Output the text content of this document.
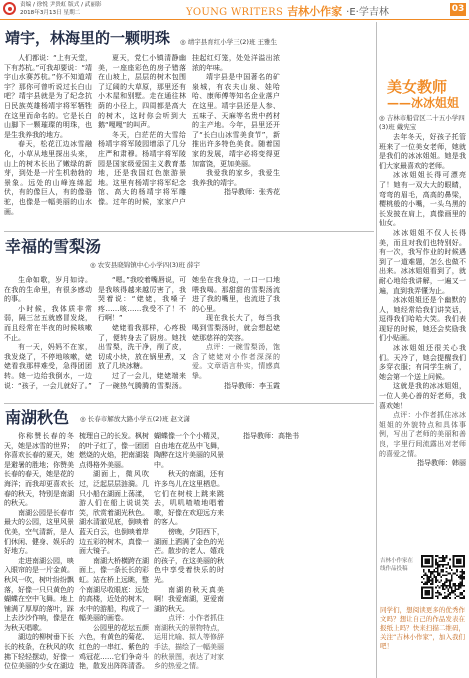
责编 / 徐悦 尹贵虹 版式 / 武丽影
2018年3月13日 星期二	YOUNG WRITERS 吉林小作家 ·E·学吉林	03
靖宇，林海里的一颗明珠 ◎ 靖宇县育红小学三(2)班 王雅生

人们都说：“上有天堂，下有苏杭。”可我却要说：“靖宇山水赛苏杭。”你不知道靖宇？那你可曾听说过长白山吧？靖宇县就是为了纪念抗日民族英雄杨靖宇将军牺牲在这里而命名的。它是长白山脚下一颗璀璨的明珠，也是生我养我的地方。

春天，松花江边冰雪融化，小草从地里探出头来，山上的树木长出了嫩绿的新芽，到处是一片生机勃勃的景象。远处的山峰连绵起伏，有的像巨人，有的像骆驼，也像是一幅美丽的山水画。

夏天，党仁小镇清静幽美，一座座彩色的房子错落在山坡上，层层的树木包围了辽阔的大草原，那里还有小木屋和别墅。走在通往林荫的小径上，四周都是高大的树木，这时你会听到大鹅“嘎嘎”的叫声。

冬天，白茫茫的大雪给杨靖宇将军陵园增添了几分庄严和肃穆。杨靖宇将军陵园是国家级爱国主义教育基地，还是我国红色旅游景地。这里有杨靖宇将军纪念馆、高大的杨靖宇将军雕像。过年的时候，家家户户挂起红灯笼，处处洋溢出浓浓的年味。

靖宇县是中国著名的矿泉城，有农夫山泉、娃哈哈、康师傅等知名企业落户在这里。靖宇县还是人参、五味子、天麻等名贵中药材的主产地。今年，县里还开了“长白山冰雪美食节”，新推出许多特色美食。随着国家的发展，靖宇必将变得更加富饶，更加美丽。

我爱我的家乡，我爱生我养我的靖宇。

指导教师：张秀花

幸福的雪梨汤
◎ 农安县晓锦镇中心小学四(3)班 薛宇

生命如歌，岁月如诗。在我的生命里，有很多感动的事。

小时候，我体质非常弱，隔三岔五就感冒发烧，而且经常在半夜的时候咳嗽不止。

有一天，妈妈不在家，我发烧了，不停地咳嗽，姥姥看我那样难受，急得团团转。她一边给我倒水，一边说：“孩子，一会儿就好了。”

“嗯。”我咬着嘴唇说，可是我咳得越来越厉害了，我哭着说：“姥姥，我嗓子疼……咳……我受不了！不行啊！”

姥姥看我那样，心疼极了，便转身去了厨房。她找出雪梨，洗干净，削了皮，切成小块，放在锅里煮，又放了几块冰糖。

过了一会儿，姥姥端来了一碗热气腾腾的雪梨汤。她坐在我身边，一口一口地喂我喝。那甜甜的雪梨汤流进了我的嘴里，也流进了我的心里。

现在我长大了，每当我喝到雪梨汤时，就会想起姥姥那慈祥的笑容。

点评：一碗雪梨汤，饱含了姥姥对小作者深深的爱。文章语言朴实，情感真挚。

指导教师：李玉霞

南湖秋色 ◎ 长春市解放大路小学五(2)班 赵文潇

你称赞长春的冬天，她是冰雪的世界；你喜欢长春的夏天，她是避暑的胜地；你赞美长春的春天，她是花的海洋；而我却更喜欢长春的秋天，特别是南湖的秋天。

南湖公园是长春市最大的公园，这里风景优美，空气清新，是人们休闲、健身、娱乐的好地方。

走进南湖公园，映入眼帘的是一片金黄。秋风一吹，树叶纷纷飘落，好像一只只黄色的蝴蝶在空中飞舞。地上铺满了厚厚的落叶，踩上去沙沙作响，像是在为秋天唱歌。

湖边的柳树垂下长长的枝条，在秋风的吹拂下轻轻摆动，好像一位位美丽的少女在湖边梳理自己的长发。枫树的叶子红了，像一团团燃烧的火焰，把南湖装点得格外美丽。

湖面上，微风吹过，泛起层层涟漪。几只小船在湖面上荡漾，游人们在船上说说笑笑，欣赏着湖光秋色。湖水清澈见底，倒映着蓝天白云，也倒映着岸边五彩的树木，真像一面大镜子。

南湖大桥横跨在湖面上，像一条长长的彩虹。站在桥上远眺，整个南湖尽收眼底：远处的高楼，近处的树木，水中的游船，构成了一幅美丽的画卷。

公园里的花坛五颜六色，有黄色的菊花、红色的一串红、紫色的鸡冠花……它们争奇斗艳，散发出阵阵清香。蝴蝶像一个个小精灵，自由地在花丛中飞舞，陶醉在这片美丽的风景中。

秋天的南湖，还有许多鸟儿在这里栖息。它们在树枝上跳来跳去，叽叽喳喳地唱着歌，好像在欢迎远方来的客人。

傍晚，夕阳西下，湖面上洒满了金色的光芒。散步的老人、嬉戏的孩子，在这美丽的秋色中享受着快乐的时光。

南湖的秋天真美啊！我爱南湖，更爱南湖的秋天。

点评：小作者抓住南湖秋天的景物特点，运用比喻、拟人等修辞手法，描绘了一幅美丽的秋景图，表达了对家乡的热爱之情。

指导教师：高艳书

美女教师
——冰冰姐姐
◎ 吉林市船营区二十五小学四(3)班 戴宪宝

去年冬天，好孩子托管班来了一位美女老师，她就是我们的冰冰姐姐。她是我们大家最喜欢的老师。

冰冰姐姐长得可漂亮了！她有一双大大的眼睛，弯弯的眉毛，高高的鼻梁，樱桃般的小嘴，一头乌黑的长发披在肩上，真像画里的仙女。

冰冰姐姐不仅人长得美，而且对我们也特别好。有一次，我写作业的时候遇到了一道难题，怎么也做不出来。冰冰姐姐看到了，就耐心地给我讲解，一遍又一遍，直到我弄懂为止。

冰冰姐姐还是个幽默的人，她经常给我们讲笑话，逗得我们哈哈大笑。我们表现好的时候，她还会奖励我们小贴画。

冰冰姐姐还很关心我们。天冷了，她会提醒我们多穿衣服；有同学生病了，她会第一个送上问候。

这就是我的冰冰姐姐，一位人美心善的好老师，我喜欢她！

点评：小作者抓住冰冰姐姐的外貌特点和具体事例，写出了老师的美丽和善良，字里行间流露出对老师的喜爱之情。

指导教师：韩丽

吉林小作家在线作品投稿
同学们，想阅读更多的优秀作文吗？想让自己的作品发表在报纸上吗？快来扫描二维码，关注“吉林小作家”，加入我们吧！
